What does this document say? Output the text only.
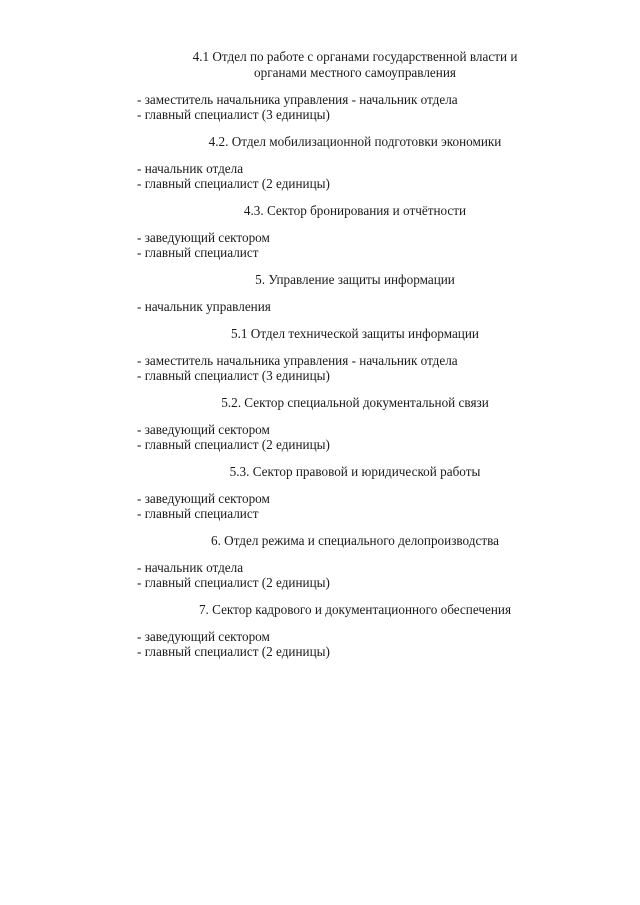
4.1 Отдел по работе с органами государственной власти и
органами местного самоуправления
- заместитель начальника управления - начальник отдела
- главный специалист (3 единицы)
4.2. Отдел мобилизационной подготовки экономики
- начальник отдела
- главный специалист (2 единицы)
4.3. Сектор бронирования и отчётности
- заведующий сектором
- главный специалист
5. Управление защиты информации
- начальник управления
5.1 Отдел технической защиты информации
- заместитель начальника управления - начальник отдела
- главный специалист (3 единицы)
5.2. Сектор специальной документальной связи
- заведующий сектором
- главный специалист (2 единицы)
5.3. Сектор правовой и юридической работы
- заведующий сектором
- главный специалист
6. Отдел режима и специального делопроизводства
- начальник отдела
- главный специалист (2 единицы)
7. Сектор кадрового и документационного обеспечения
- заведующий сектором
- главный специалист (2 единицы)
